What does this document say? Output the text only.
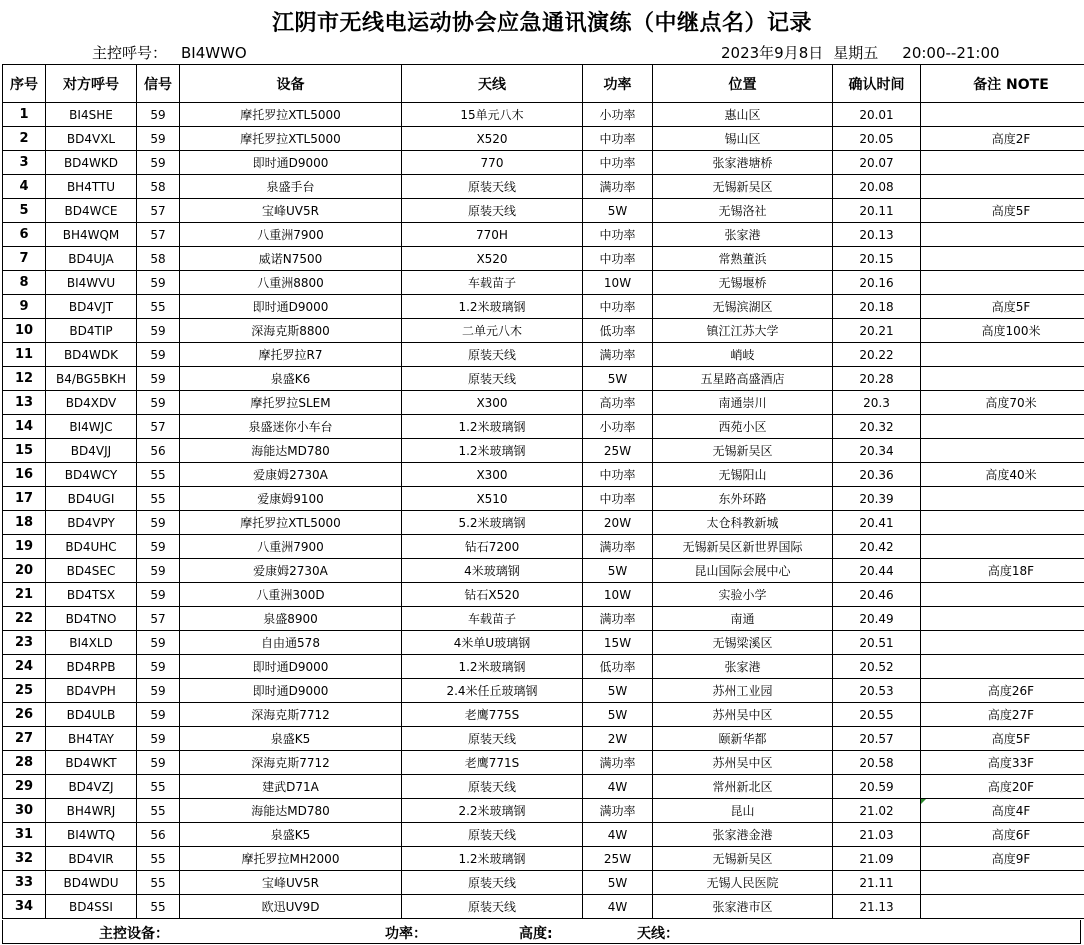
江阴市无线电运动协会应急通讯演练（中继点名）记录
主控呼号： BI4WWO	2023年9月8日 星期五 20:00--21:00
序号	对方呼号	信号	设备	天线	功率	位置	确认时间	备注 NOTE
1	BI4SHE	59	摩托罗拉XTL5000	15单元八木	小功率	惠山区	20.01	
2	BD4VXL	59	摩托罗拉XTL5000	X520	中功率	锡山区	20.05	高度2F
3	BD4WKD	59	即时通D9000	770	中功率	张家港塘桥	20.07	
4	BH4TTU	58	泉盛手台	原装天线	满功率	无锡新吴区	20.08	
5	BD4WCE	57	宝峰UV5R	原装天线	5W	无锡洛社	20.11	高度5F
6	BH4WQM	57	八重洲7900	770H	中功率	张家港	20.13	
7	BD4UJA	58	威诺N7500	X520	中功率	常熟董浜	20.15	
8	BI4WVU	59	八重洲8800	车载苗子	10W	无锡堰桥	20.16	
9	BD4VJT	55	即时通D9000	1.2米玻璃钢	中功率	无锡滨湖区	20.18	高度5F
10	BD4TIP	59	深海克斯8800	二单元八木	低功率	镇江江苏大学	20.21	高度100米
11	BD4WDK	59	摩托罗拉R7	原装天线	满功率	峭岐	20.22	
12	B4/BG5BKH	59	泉盛K6	原装天线	5W	五星路高盛酒店	20.28	
13	BD4XDV	59	摩托罗拉SLEM	X300	高功率	南通崇川	20.3	高度70米
14	BI4WJC	57	泉盛迷你小车台	1.2米玻璃钢	小功率	西苑小区	20.32	
15	BD4VJJ	56	海能达MD780	1.2米玻璃钢	25W	无锡新吴区	20.34	
16	BD4WCY	55	爱康姆2730A	X300	中功率	无锡阳山	20.36	高度40米
17	BD4UGI	55	爱康姆9100	X510	中功率	东外环路	20.39	
18	BD4VPY	59	摩托罗拉XTL5000	5.2米玻璃钢	20W	太仓科教新城	20.41	
19	BD4UHC	59	八重洲7900	钻石7200	满功率	无锡新吴区新世界国际	20.42	
20	BD4SEC	59	爱康姆2730A	4米玻璃钢	5W	昆山国际会展中心	20.44	高度18F
21	BD4TSX	59	八重洲300D	钻石X520	10W	实验小学	20.46	
22	BD4TNO	57	泉盛8900	车载苗子	满功率	南通	20.49	
23	BI4XLD	59	自由通578	4米单U玻璃钢	15W	无锡梁溪区	20.51	
24	BD4RPB	59	即时通D9000	1.2米玻璃钢	低功率	张家港	20.52	
25	BD4VPH	59	即时通D9000	2.4米任丘玻璃钢	5W	苏州工业园	20.53	高度26F
26	BD4ULB	59	深海克斯7712	老鹰775S	5W	苏州吴中区	20.55	高度27F
27	BH4TAY	59	泉盛K5	原装天线	2W	颐新华都	20.57	高度5F
28	BD4WKT	59	深海克斯7712	老鹰771S	满功率	苏州吴中区	20.58	高度33F
29	BD4VZJ	55	建武D71A	原装天线	4W	常州新北区	20.59	高度20F
30	BH4WRJ	55	海能达MD780	2.2米玻璃钢	满功率	昆山	21.02	高度4F

31	BI4WTQ	56	泉盛K5	原装天线	4W	张家港金港	21.03	高度6F
32	BD4VIR	55	摩托罗拉MH2000	1.2米玻璃钢	25W	无锡新吴区	21.09	高度9F
33	BD4WDU	55	宝峰UV5R	原装天线	5W	无锡人民医院	21.11	
34	BD4SSI	55	欧迅UV9D	原装天线	4W	张家港市区	21.13	
主控设备：	功率：	高度:	天线：
